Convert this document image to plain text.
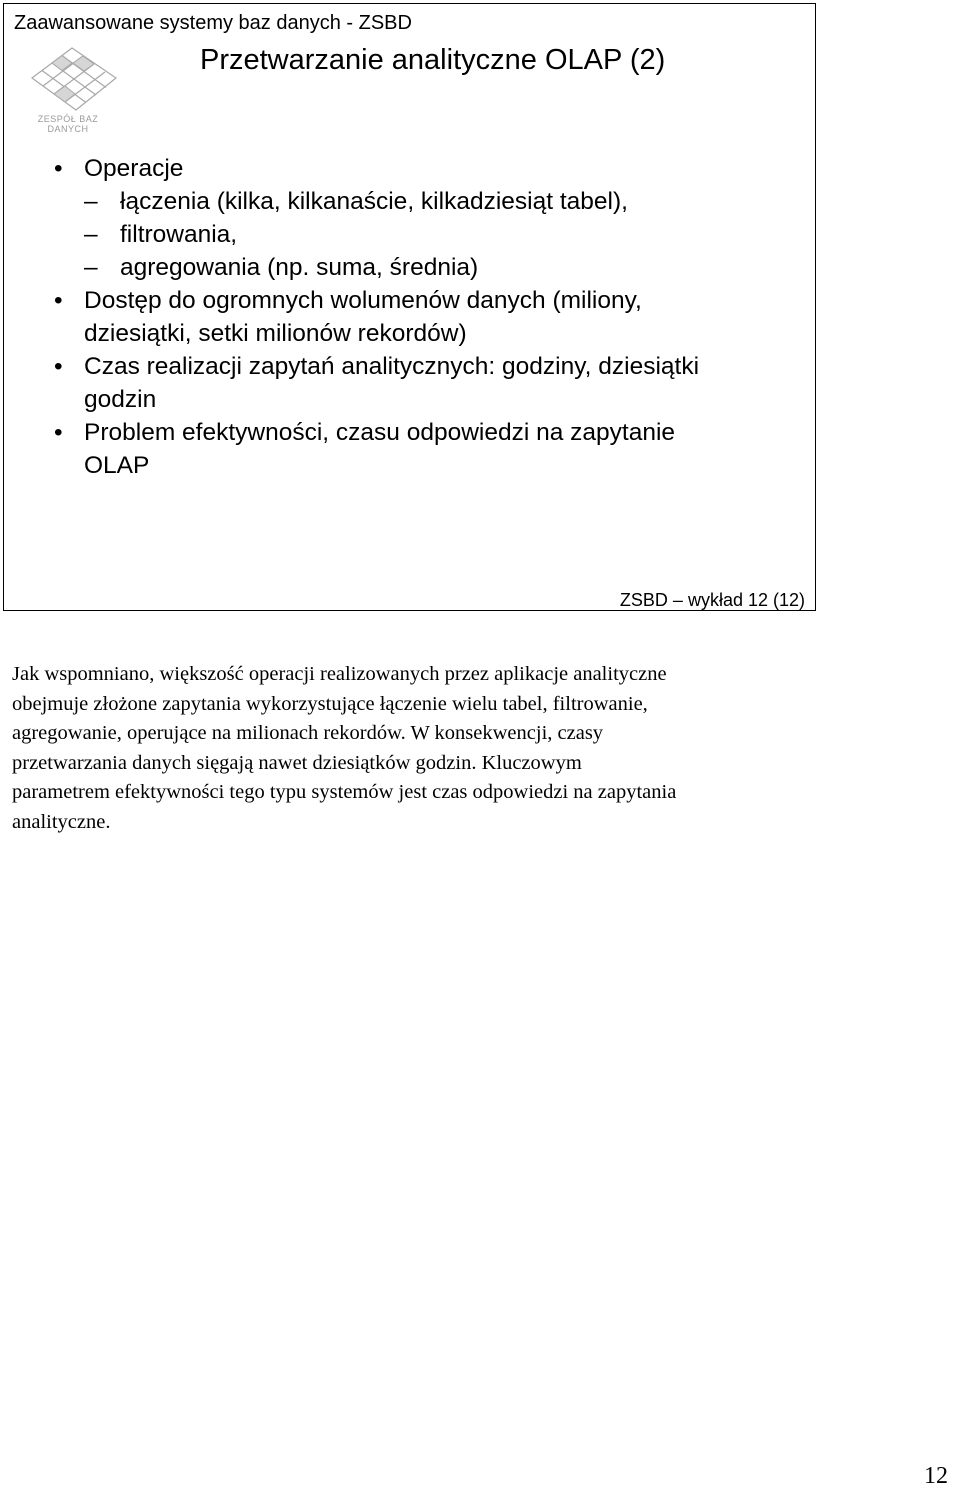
Zaawansowane systemy baz danych - ZSBD
ZESPÓŁ BAZ
DANYCH
Przetwarzanie analityczne OLAP (2)
• Operacje
– łączenia (kilka, kilkanaście, kilkadziesiąt tabel),
– filtrowania,
– agregowania (np. suma, średnia)
• Dostęp do ogromnych wolumenów danych (miliony,
dziesiątki, setki milionów rekordów)
• Czas realizacji zapytań analitycznych: godziny, dziesiątki
godzin
• Problem efektywności, czasu odpowiedzi na zapytanie
OLAP
ZSBD – wykład 12 (12)

Jak wspomniano, większość operacji realizowanych przez aplikacje analityczne
obejmuje złożone zapytania wykorzystujące łączenie wielu tabel, filtrowanie,
agregowanie, operujące na milionach rekordów. W konsekwencji, czasy
przetwarzania danych sięgają nawet dziesiątków godzin. Kluczowym
parametrem efektywności tego typu systemów jest czas odpowiedzi na zapytania
analityczne.

12
